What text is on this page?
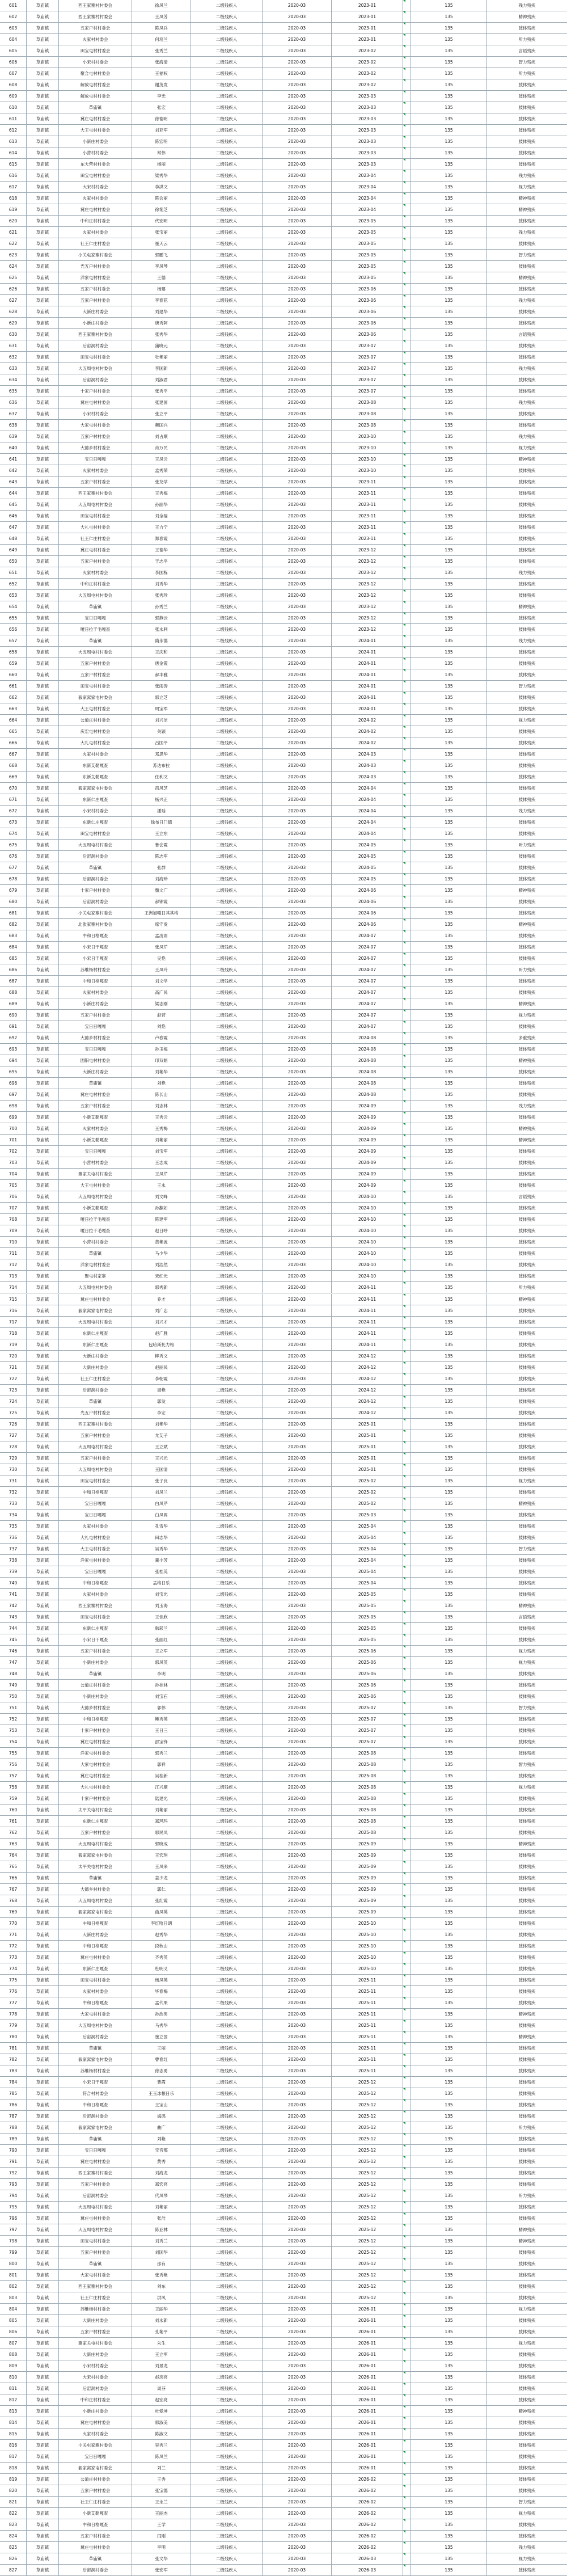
601	草庙镇	西王家寨村村委会	徐凤兰	二级残疾人	2020-03	2023-01	135	残力残疾
602	草庙镇	西王家寨村村委会	王凤芳	二级残疾人	2020-03	2023-01	135	精神残疾
603	草庙镇	五家户村村委会	陈凤兵	二级残疾人	2020-03	2023-01	135	肢体残疾
604	草庙镇	火家村村委会	何培兰	二级残疾人	2020-03	2023-01	135	听力残疾
605	草庙镇	田宝屯村村委会	张秀兰	二级残疾人	2020-03	2023-02	135	言语残疾
606	草庙镇	小宋村村委会	张海清	二级残疾人	2020-03	2023-02	135	智力残疾
607	草庙镇	聚合屯村村委会	王福权	二级残疾人	2020-03	2023-02	135	听力残疾
608	草庙镇	解放屯村村委会	谢茂发	二级残疾人	2020-03	2023-02	135	肢体残疾
609	草庙镇	解放屯村村委会	李光	二级残疾人	2020-03	2023-03	135	肢体残疾
610	草庙镇	草庙镇	张宏	二级残疾人	2020-03	2023-03	135	肢体残疾
611	草庙镇	冀庄屯村村委会	徐德明	二级残疾人	2020-03	2023-03	135	肢体残疾
612	草庙镇	大王屯村村委会	刘亚军	二级残疾人	2020-03	2023-03	135	肢体残疾
613	草庙镇	小新庄村委会	陈宏明	二级残疾人	2020-03	2023-03	135	肢体残疾
614	草庙镇	小营村村委会	常伟	二级残疾人	2020-03	2023-03	135	肢体残疾
615	草庙镇	东大营村村委会	杨丽	二级残疾人	2020-03	2023-03	135	肢体残疾
616	草庙镇	田宝屯村村委会	梁秀华	二级残疾人	2020-03	2023-04	135	残力残疾
617	草庙镇	大宋村村委会	李洪文	二级残疾人	2020-03	2023-04	135	视力残疾
618	草庙镇	火家村村委会	陈会丽	二级残疾人	2020-03	2023-04	135	精神残疾
619	草庙镇	冀庄屯村村委会	徐艳芝	二级残疾人	2020-03	2023-04	135	精神残疾
620	草庙镇	中和庄村村委会	代宏明	二级残疾人	2020-03	2023-05	135	肢体残疾
621	草庙镇	火家村村委会	张宝丽	二级残疾人	2020-03	2023-05	135	残力残疾
622	草庙镇	社王仁庄村委会	崔天云	二级残疾人	2020-03	2023-05	135	肢体残疾
623	草庙镇	小关屯家寨村委会	郭鹏飞	二级残疾人	2020-03	2023-05	135	智力残疾
624	草庙镇	光五户村村委会	李凤琴	二级残疾人	2020-03	2023-05	135	肢体残疾
625	草庙镇	洋家屯村村委会	王德	二级残疾人	2020-03	2023-05	135	精神残疾
626	草庙镇	五家户村村委会	杨建	二级残疾人	2020-03	2023-06	135	肢体残疾
627	草庙镇	五家户村村委会	李春花	二级残疾人	2020-03	2023-06	135	残力残疾
628	草庙镇	大新庄村委会	刘建华	二级残疾人	2020-03	2023-06	135	肢体残疾
629	草庙镇	小新庄村委会	唐秀阿	二级残疾人	2020-03	2023-06	135	肢体残疾
630	草庙镇	西王家寨村村委会	张秀华	二级残疾人	2020-03	2023-06	135	言语残疾
631	草庙镇	后窑洞村委会	蒲晓元	二级残疾人	2020-03	2023-07	135	肢体残疾
632	草庙镇	田宝屯村村委会	牡艳丽	二级残疾人	2020-03	2023-07	135	肢体残疾
633	草庙镇	大五周屯村村委会	李国新	二级残疾人	2020-03	2023-07	135	残力残疾
634	草庙镇	后窑洞村委会	刘淑君	二级残疾人	2020-03	2023-07	135	肢体残疾
635	草庙镇	十家户村村委会	张秀平	二级残疾人	2020-03	2023-07	135	肢体残疾
636	草庙镇	冀庄屯村村委会	张建国	二级残疾人	2020-03	2023-08	135	残力残疾
637	草庙镇	小宋村村委会	张立平	二级残疾人	2020-03	2023-08	135	肢体残疾
638	草庙镇	大家屯村村委会	赖国兴	二级残疾人	2020-03	2023-08	135	肢体残疾
639	草庙镇	五家户村村委会	刘占顺	二级残疾人	2020-03	2023-10	135	残力残疾
640	草庙镇	大德乡村村委会	肖万民	二级残疾人	2020-03	2023-10	135	视力残疾
641	草庙镇	宝日日嘎嘎	王凤云	二级残疾人	2020-03	2023-10	135	精神残疾
642	草庙镇	火家村村委会	孟秀荣	二级残疾人	2020-03	2023-10	135	肢体残疾
643	草庙镇	五家户村村委会	张龙学	二级残疾人	2020-03	2023-11	135	肢体残疾
644	草庙镇	西王家寨村村委会	王秀梅	二级残疾人	2020-03	2023-11	135	肢体残疾
645	草庙镇	大五周屯村村委会	孙丽华	二级残疾人	2020-03	2023-11	135	肢体残疾
646	草庙镇	田宝屯村村委会	刘全福	二级残疾人	2020-03	2023-11	135	肢体残疾
647	草庙镇	大礼屯村村委会	王力宁	二级残疾人	2020-03	2023-11	135	肢体残疾
648	草庙镇	社王仁庄村委会	郑春霞	二级残疾人	2020-03	2023-11	135	肢体残疾
649	草庙镇	冀庄屯村村委会	王德华	二级残疾人	2020-03	2023-12	135	肢体残疾
650	草庙镇	五家户村村委会	于志平	二级残疾人	2020-03	2023-12	135	肢体残疾
651	草庙镇	火家村村委会	李国栋	二级残疾人	2020-03	2023-12	135	残力残疾
652	草庙镇	中和庄村村委会	刘秀华	二级残疾人	2020-03	2023-12	135	肢体残疾
653	草庙镇	大五周屯村村委会	张秀珍	二级残疾人	2020-03	2023-12	135	肢体残疾
654	草庙镇	草庙镇	孙秀兰	二级残疾人	2020-03	2023-12	135	精神残疾
655	草庙镇	宝日日嘎嘎	郭燕云	二级残疾人	2020-03	2023-12	135	肢体残疾
656	草庙镇	嗄日拉干毛嘎查	张永利	二级残疾人	2020-03	2023-12	135	肢体残疾
657	草庙镇	草庙镇	隋永德	二级残疾人	2020-03	2024-01	135	残力残疾
658	草庙镇	大五周屯村村委会	王庆和	二级残疾人	2020-03	2024-01	135	肢体残疾
659	草庙镇	五家户村村委会	唐金霞	二级残疾人	2020-03	2024-01	135	肢体残疾
660	草庙镇	五家户村村委会	郝丰雅	二级残疾人	2020-03	2024-01	135	肢体残疾
661	草庙镇	田宝屯村村委会	张雨涛	二级残疾人	2020-03	2024-01	135	智力残疾
662	草庙镇	毅家窝家屯村委会	郭立芝	二级残疾人	2020-03	2024-01	135	肢体残疾
663	草庙镇	大王屯村村委会	周宝军	二级残疾人	2020-03	2024-01	135	肢体残疾
664	草庙镇	公道庄村村委会	刘兴洁	二级残疾人	2020-03	2024-02	135	视力残疾
665	草庙镇	庆宏屯村村委会	关颖	二级残疾人	2020-03	2024-02	135	肢体残疾
666	草庙镇	大礼屯村村委会	吕国平	二级残疾人	2020-03	2024-02	135	肢体残疾
667	草庙镇	火家村村委会	邓思华	二级残疾人	2020-03	2024-03	135	肢体残疾
668	草庙镇	东新艾勒嘎查	苏达布拉	二级残疾人	2020-03	2024-03	135	肢体残疾
669	草庙镇	东新艾勒嘎查	任利文	二级残疾人	2020-03	2024-03	135	肢体残疾
670	草庙镇	毅家窝家屯村委会	苗风芝	二级残疾人	2020-03	2024-04	135	肢体残疾
671	草庙镇	东新仁庄嘎查	杨兴正	二级残疾人	2020-03	2024-04	135	肢体残疾
672	草庙镇	小宋村村委会	潘廷	二级残疾人	2020-03	2024-04	135	残力残疾
673	草庙镇	东新仁庄嘎查	徐布日门德	二级残疾人	2020-03	2024-04	135	肢体残疾
674	草庙镇	田宝屯村村委会	王立东	二级残疾人	2020-03	2024-04	135	肢体残疾
675	草庙镇	大五周屯村村委会	鲁会霞	二级残疾人	2020-03	2024-05	135	听力残疾
676	草庙镇	后窑洞村委会	陈志军	二级残疾人	2020-03	2024-05	135	肢体残疾
677	草庙镇	草庙镇	张群	二级残疾人	2020-03	2024-05	135	肢体残疾
678	草庙镇	后窑洞村委会	刘海珍	二级残疾人	2020-03	2024-05	135	肢体残疾
679	草庙镇	十家户村村委会	魏文广	二级残疾人	2020-03	2024-06	135	精神残疾
680	草庙镇	后窑洞村委会	郝锦霞	二级残疾人	2020-03	2024-06	135	肢体残疾
681	草庙镇	小关屯家寨村委会	王洲旭嘎日其其格	二级残疾人	2020-03	2024-06	135	肢体残疾
682	草庙镇	北张家寨村村委会	席守发	二级残疾人	2020-03	2024-06	135	精神残疾
683	草庙镇	中和日格嘎查	孟凌雨	二级残疾人	2020-03	2024-07	135	肢体残疾
684	草庙镇	小宋日干嘎查	张凤芹	二级残疾人	2020-03	2024-07	135	肢体残疾
685	草庙镇	小宋日干嘎查	吴艳	二级残疾人	2020-03	2024-07	135	肢体残疾
686	草庙镇	苏维杨村村委会	王凤玲	二级残疾人	2020-03	2024-07	135	听力残疾
687	草庙镇	中和日格嘎查	刘文学	二级残疾人	2020-03	2024-07	135	肢体残疾
688	草庙镇	火家村村委会	高广民	二级残疾人	2020-03	2024-07	135	肢体残疾
689	草庙镇	小新庄村委会	梁志刚	二级残疾人	2020-03	2024-07	135	精神残疾
690	草庙镇	五家户村村委会	赵营	二级残疾人	2020-03	2024-07	135	视力残疾
691	草庙镇	宝日日嘎嘎	刘艳	二级残疾人	2020-03	2024-07	135	肢体残疾
692	草庙镇	大德乡村村委会	卢春霞	二级残疾人	2020-03	2024-08	135	多重残疾
693	草庙镇	宝日日嘎嘎	孙玉梅	二级残疾人	2020-03	2024-08	135	肢体残疾
694	草庙镇	固阳屯村村委会	印双娟	二级残疾人	2020-03	2024-08	135	精神残疾
695	草庙镇	大新庄村委会	刘艳华	二级残疾人	2020-03	2024-08	135	肢体残疾
696	草庙镇	草庙镇	刘艳	二级残疾人	2020-03	2024-08	135	肢体残疾
697	草庙镇	冀庄屯村村委会	陈长山	二级残疾人	2020-03	2024-08	135	肢体残疾
698	草庙镇	五家户村村委会	刘志林	二级残疾人	2020-03	2024-09	135	残力残疾
699	草庙镇	小新艾勒嘎查	王秀云	二级残疾人	2020-03	2024-09	135	肢体残疾
700	草庙镇	火家村村委会	王秀梅	二级残疾人	2020-03	2024-09	135	精神残疾
701	草庙镇	小新艾勒嘎查	刘艳丽	二级残疾人	2020-03	2024-09	135	精神残疾
702	草庙镇	宝日日嘎嘎	刘宝军	二级残疾人	2020-03	2024-09	135	肢体残疾
703	草庙镇	小营村村委会	王志成	二级残疾人	2020-03	2024-09	135	肢体残疾
704	草庙镇	聚家关屯村村委会	王凤芹	二级残疾人	2020-03	2024-09	135	肢体残疾
705	草庙镇	大王屯村村委会	王永	二级残疾人	2020-03	2024-09	135	肢体残疾
706	草庙镇	大五周屯村村委会	刘文峰	二级残疾人	2020-03	2024-10	135	言语残疾
707	草庙镇	小新艾勒嘎查	孙翻如	二级残疾人	2020-03	2024-10	135	肢体残疾
708	草庙镇	嗄日拉干毛嘎查	陈建军	二级残疾人	2020-03	2024-10	135	肢体残疾
709	草庙镇	嗄日拉干毛嘎查	赵日呼	二级残疾人	2020-03	2024-10	135	肢体残疾
710	草庙镇	小营村村委会	黄艳波	二级残疾人	2020-03	2024-10	135	肢体残疾
711	草庙镇	草庙镇	马少华	二级残疾人	2020-03	2024-10	135	肢体残疾
712	草庙镇	洋家屯村村委会	刘浩然	二级残疾人	2020-03	2024-10	135	肢体残疾
713	草庙镇	聚屯村家寨	宋红光	二级残疾人	2020-03	2024-10	135	肢体残疾
714	草庙镇	大五周屯村村委会	郭秀新	二级残疾人	2020-03	2024-11	135	听力残疾
715	草庙镇	冀庄屯村村委会	乔才	二级残疾人	2020-03	2024-11	135	精神残疾
716	草庙镇	毅家窝家屯村委会	刘广忠	二级残疾人	2020-03	2024-11	135	肢体残疾
717	草庙镇	大五周屯村村委会	刘兴才	二级残疾人	2020-03	2024-11	135	肢体残疾
718	草庙镇	东新仁庄嘎查	赵广胜	二级残疾人	2020-03	2024-11	135	肢体残疾
719	草庙镇	东新仁庄嘎查	包哈斯托力格	二级残疾人	2020-03	2024-11	135	肢体残疾
720	草庙镇	大新庄村委会	柳秀文	二级残疾人	2020-03	2024-12	135	肢体残疾
721	草庙镇	大新庄村委会	赵丽民	二级残疾人	2020-03	2024-12	135	肢体残疾
722	草庙镇	社王仁庄村委会	李朝霞	二级残疾人	2020-03	2024-12	135	肢体残疾
723	草庙镇	后窑洞村委会	周艳	二级残疾人	2020-03	2024-12	135	肢体残疾
724	草庙镇	草庙镇	郭发	二级残疾人	2020-03	2024-12	135	肢体残疾
725	草庙镇	光五户村村委会	李宏	二级残疾人	2020-03	2024-12	135	肢体残疾
726	草庙镇	西王家寨村村委会	刘艳华	二级残疾人	2020-03	2025-01	135	肢体残疾
727	草庙镇	五家户村村委会	尤艾子	二级残疾人	2020-03	2025-01	135	肢体残疾
728	草庙镇	大五周屯村村委会	王立斌	二级残疾人	2020-03	2025-01	135	肢体残疾
729	草庙镇	五家户村村委会	王兴元	二级残疾人	2020-03	2025-01	135	肢体残疾
730	草庙镇	大五周屯村村委会	王国清	二级残疾人	2020-03	2025-01	135	肢体残疾
731	草庙镇	田宝屯村村委会	张子良	二级残疾人	2020-03	2025-02	135	视力残疾
732	草庙镇	中和日格嘎查	刘凤兰	二级残疾人	2020-03	2025-02	135	肢体残疾
733	草庙镇	宝日日嘎嘎	白凤芹	二级残疾人	2020-03	2025-02	135	精神残疾
734	草庙镇	宝日日嘎嘎	白凤阁	二级残疾人	2020-03	2025-03	135	肢体残疾
735	草庙镇	火家村村委会	孔雪华	二级残疾人	2020-03	2025-04	135	肢体残疾
736	草庙镇	大礼屯村村委会	田志华	二级残疾人	2020-03	2025-04	135	肢体残疾
737	草庙镇	大王屯村村委会	吴秀华	二级残疾人	2020-03	2025-04	135	智力残疾
738	草庙镇	洋家屯村村委会	董小芳	二级残疾人	2020-03	2025-04	135	肢体残疾
739	草庙镇	宝日日嘎嘎	张桂英	二级残疾人	2020-03	2025-04	135	肢体残疾
740	草庙镇	中和日格嘎查	孟格日乐	二级残疾人	2020-03	2025-04	135	肢体残疾
741	草庙镇	火家村村委会	刘宝光	二级残疾人	2020-03	2025-05	135	肢体残疾
742	草庙镇	西王家寨村村委会	刘玉海	二级残疾人	2020-03	2025-05	135	精神残疾
743	草庙镇	田宝屯村村委会	王佳欣	二级残疾人	2020-03	2025-05	135	言语残疾
744	草庙镇	东新仁庄嘎查	韩彩兰	二级残疾人	2020-03	2025-05	135	肢体残疾
745	草庙镇	小宋日干嘎查	张丽红	二级残疾人	2020-03	2025-05	135	肢体残疾
746	草庙镇	五家户村村委会	王立军	二级残疾人	2020-03	2025-06	135	视力残疾
747	草庙镇	小新庄村委会	郭凤英	二级残疾人	2020-03	2025-06	135	视力残疾
748	草庙镇	草庙镇	李明	二级残疾人	2020-03	2025-06	135	肢体残疾
749	草庙镇	公道庄村村委会	孙桂林	二级残疾人	2020-03	2025-06	135	肢体残疾
750	草庙镇	小新庄村委会	刘宝石	二级残疾人	2020-03	2025-06	135	肢体残疾
751	草庙镇	大德乡村村委会	郭伟	二级残疾人	2020-03	2025-07	135	智力残疾
752	草庙镇	中和日格嘎查	鲍秀英	二级残疾人	2020-03	2025-07	135	肢体残疾
753	草庙镇	十家户村村委会	王日三	二级残疾人	2020-03	2025-07	135	肢体残疾
754	草庙镇	冀庄屯村村委会	邵宝锋	二级残疾人	2020-03	2025-07	135	肢体残疾
755	草庙镇	洋家屯村村委会	郭秀兰	二级残疾人	2020-03	2025-08	135	肢体残疾
756	草庙镇	大家屯村村委会	郭祥	二级残疾人	2020-03	2025-08	135	智力残疾
757	草庙镇	冀庄屯村村委会	吴桂新	二级残疾人	2020-03	2025-08	135	肢体残疾
758	草庙镇	大礼屯村村委会	江兴顺	二级残疾人	2020-03	2025-08	135	视力残疾
759	草庙镇	十家户村村委会	陆建光	二级残疾人	2020-03	2025-08	135	肢体残疾
760	草庙镇	太平关屯村村委会	刘艳丽	二级残疾人	2020-03	2025-08	135	肢体残疾
761	草庙镇	东新仁庄嘎查	郑玛玛	二级残疾人	2020-03	2025-08	135	肢体残疾
762	草庙镇	五家户村村委会	郭民凤	二级残疾人	2020-03	2025-08	135	肢体残疾
763	草庙镇	大五周屯村村委会	郭晓成	二级残疾人	2020-03	2025-09	135	精神残疾
764	草庙镇	毅家窝家屯村委会	王宏琪	二级残疾人	2020-03	2025-09	135	肢体残疾
765	草庙镇	太平关屯村村委会	王凤来	二级残疾人	2020-03	2025-09	135	肢体残疾
766	草庙镇	草庙镇	姜少龙	二级残疾人	2020-03	2025-09	135	肢体残疾
767	草庙镇	大德乡村村委会	郭仁	二级残疾人	2020-03	2025-09	135	肢体残疾
768	草庙镇	大五周屯村村委会	张红霞	二级残疾人	2020-03	2025-09	135	肢体残疾
769	草庙镇	毅家窝家屯村委会	曲凤英	二级残疾人	2020-03	2025-09	135	肢体残疾
770	草庙镇	中和日格嘎查	李红哈日朗	二级残疾人	2020-03	2025-10	135	肢体残疾
771	草庙镇	大新庄村委会	赵秀华	二级残疾人	2020-03	2025-10	135	肢体残疾
772	草庙镇	中和日格嘎查	段秋山	二级残疾人	2020-03	2025-10	135	肢体残疾
773	草庙镇	冀庄屯村村委会	齐秀英	二级残疾人	2020-03	2025-10	135	肢体残疾
774	草庙镇	东新仁庄嘎查	杜明义	二级残疾人	2020-03	2025-10	135	肢体残疾
775	草庙镇	田宝屯村村委会	杨凤英	二级残疾人	2020-03	2025-11	135	肢体残疾
776	草庙镇	火家村村委会	毕春梅	二级残疾人	2020-03	2025-11	135	肢体残疾
777	草庙镇	中和日格嘎查	孟代果	二级残疾人	2020-03	2025-11	135	肢体残疾
778	草庙镇	大家屯村村委会	孙浩男	二级残疾人	2020-03	2025-11	135	精神残疾
779	草庙镇	大五周屯村村委会	马秀华	二级残疾人	2020-03	2025-11	135	肢体残疾
780	草庙镇	后窑洞村委会	崔立国	二级残疾人	2020-03	2025-11	135	精神残疾
781	草庙镇	草庙镇	王丽	二级残疾人	2020-03	2025-11	135	肢体残疾
782	草庙镇	毅家窝家屯村委会	曹春红	二级残疾人	2020-03	2025-11	135	肢体残疾
783	草庙镇	苏维杨村村委会	徐志勇	二级残疾人	2020-03	2025-11	135	肢体残疾
784	草庙镇	小宋日干嘎查	曹霞	二级残疾人	2020-03	2025-12	135	肢体残疾
785	草庙镇	符合村村委会	王玉冰根日乐	二级残疾人	2020-03	2025-12	135	肢体残疾
786	草庙镇	中和日格嘎查	王宝山	二级残疾人	2020-03	2025-12	135	肢体残疾
787	草庙镇	后窑洞村委会	海鸿	二级残疾人	2020-03	2025-12	135	肢体残疾
788	草庙镇	毅家窝家屯村委会	曲广	二级残疾人	2020-03	2025-12	135	听力残疾
789	草庙镇	草庙镇	刘艳	二级残疾人	2020-03	2025-12	135	肢体残疾
790	草庙镇	宝日日嘎嘎	宝音那	二级残疾人	2020-03	2025-12	135	肢体残疾
791	草庙镇	冀庄屯村村委会	黄秀	二级残疾人	2020-03	2025-12	135	肢体残疾
792	草庙镇	西王家寨村村委会	刘海龙	二级残疾人	2020-03	2025-12	135	肢体残疾
793	草庙镇	五家户村村委会	郑宏亮	二级残疾人	2020-03	2025-12	135	肢体残疾
794	草庙镇	后窑洞村委会	代凤琴	二级残疾人	2020-03	2025-12	135	听力残疾
795	草庙镇	大五周屯村村委会	刘艳丽	二级残疾人	2020-03	2025-12	135	肢体残疾
796	草庙镇	冀庄屯村村委会	张浩	二级残疾人	2020-03	2025-12	135	肢体残疾
797	草庙镇	大五周屯村村委会	陈亚林	二级残疾人	2020-03	2025-12	135	精神残疾
798	草庙镇	田宝屯村村委会	刘秀兰	二级残疾人	2020-03	2025-12	135	精神残疾
799	草庙镇	五家户村村委会	刘国华	二级残疾人	2020-03	2025-12	135	肢体残疾
800	草庙镇	草庙镇	邵有	二级残疾人	2020-03	2025-12	135	肢体残疾
801	草庙镇	大家屯村村委会	张秀艳	二级残疾人	2020-03	2025-12	135	肢体残疾
802	草庙镇	西王家寨村村委会	刘东	二级残疾人	2020-03	2025-12	135	肢体残疾
803	草庙镇	社王仁庄村委会	洪风	二级残疾人	2020-03	2025-12	135	肢体残疾
804	草庙镇	苏维杨村村委会	王丽华	二级残疾人	2020-03	2026-01	135	视力残疾
805	草庙镇	大新庄村委会	刘永新	二级残疾人	2020-03	2026-01	135	肢体残疾
806	草庙镇	五家户村村委会	孔艳平	二级残疾人	2020-03	2026-01	135	肢体残疾
807	草庙镇	聚家关屯村村委会	朱生	二级残疾人	2020-03	2026-01	135	视力残疾
808	草庙镇	大新庄村委会	王立军	二级残疾人	2020-03	2026-01	135	肢体残疾
809	草庙镇	小宋村村委会	刘景龙	二级残疾人	2020-03	2026-01	135	肢体残疾
810	草庙镇	大宋村村委会	赵彦亮	二级残疾人	2020-03	2026-01	135	肢体残疾
811	草庙镇	后窑洞村委会	周芬	二级残疾人	2020-03	2026-01	135	肢体残疾
812	草庙镇	中和庄村村委会	赵宏亮	二级残疾人	2020-03	2026-01	135	肢体残疾
813	草庙镇	小新庄村委会	杜爱坤	二级残疾人	2020-03	2026-01	135	精神残疾
814	草庙镇	冀庄屯村村委会	郭淑美	二级残疾人	2020-03	2026-01	135	肢体残疾
815	草庙镇	火家村村委会	陈淑文	二级残疾人	2020-03	2026-01	135	肢体残疾
816	草庙镇	小关屯家寨村委会	吴秀兰	二级残疾人	2020-03	2026-01	135	肢体残疾
817	草庙镇	宝日日嘎嘎	陈凤兰	二级残疾人	2020-03	2026-01	135	肢体残疾
818	草庙镇	毅家窝家屯村委会	刘兰	二级残疾人	2020-03	2026-01	135	肢体残疾
819	草庙镇	公道庄村村委会	王秀	二级残疾人	2020-03	2026-02	135	肢体残疾
820	草庙镇	五家户村村委会	张宝德	二级残疾人	2020-03	2026-02	135	肢体残疾
821	草庙镇	社王仁庄村委会	王永兰	二级残疾人	2020-03	2026-02	135	智力残疾
822	草庙镇	小新艾勒嘎查	王丽杰	二级残疾人	2020-03	2026-02	135	视力残疾
823	草庙镇	中和日格嘎查	王学	二级残疾人	2020-03	2026-02	135	肢体残疾
824	草庙镇	五家户村村委会	闫刚	二级残疾人	2020-03	2026-02	135	肢体残疾
825	草庙镇	冀庄屯村村委会	李明	二级残疾人	2020-03	2026-02	135	残力残疾
826	草庙镇	草庙镇	张文华	二级残疾人	2020-03	2026-03	135	视力残疾
827	草庙镇	后窑洞村委会	张宏军	二级残疾人	2020-03	2026-03	135	肢体残疾
